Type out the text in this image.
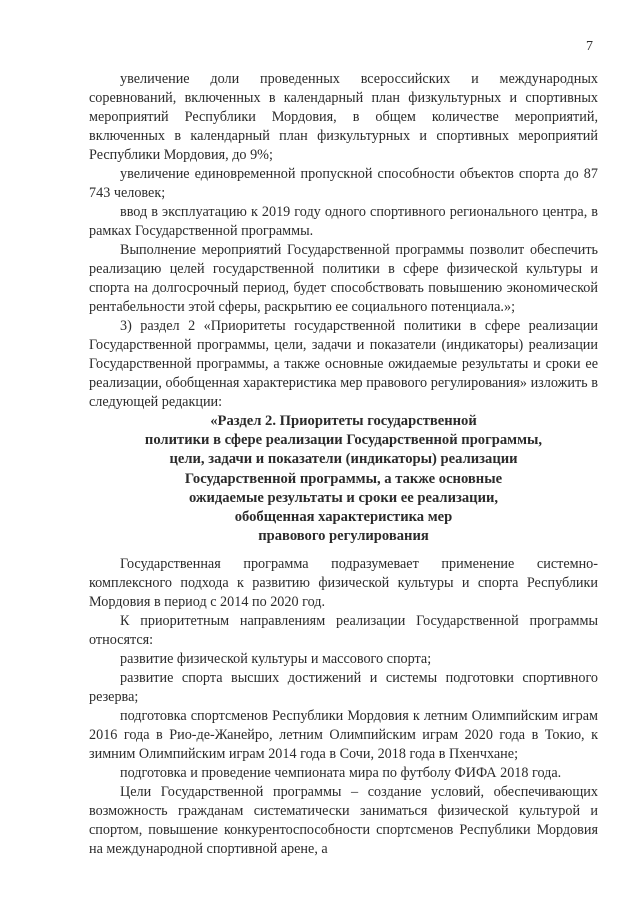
7

увеличение доли проведенных всероссийских и международных соревнований, включенных в календарный план физкультурных и спортивных мероприятий Республики Мордовия, в общем количестве мероприятий, включенных в календарный план физкультурных и спортивных мероприятий Республики Мордовия, до 9%;

увеличение единовременной пропускной способности объектов спорта до 87 743 человек;

ввод в эксплуатацию к 2019 году одного спортивного регионального центра, в рамках Государственной программы.

Выполнение мероприятий Государственной программы позволит обеспечить реализацию целей государственной политики в сфере физической культуры и спорта на долгосрочный период, будет способствовать повышению экономической рентабельности этой сферы, раскрытию ее социального потенциала.»;

3) раздел 2 «Приоритеты государственной политики в сфере реализации Государственной программы, цели, задачи и показатели (индикаторы) реализации Государственной программы, а также основные ожидаемые результаты и сроки ее реализации, обобщенная характеристика мер правового регулирования» изложить в следующей редакции:

«Раздел 2. Приоритеты государственной
политики в сфере реализации Государственной программы,
цели, задачи и показатели (индикаторы) реализации
Государственной программы, а также основные
ожидаемые результаты и сроки ее реализации,
обобщенная характеристика мер
правового регулирования

Государственная программа подразумевает применение системно-комплексного подхода к развитию физической культуры и спорта Республики Мордовия в период с 2014 по 2020 год.

К приоритетным направлениям реализации Государственной программы относятся:

развитие физической культуры и массового спорта;

развитие спорта высших достижений и системы подготовки спортивного резерва;

подготовка спортсменов Республики Мордовия к летним Олимпийским играм 2016 года в Рио-де-Жанейро, летним Олимпийским играм 2020 года в Токио, к зимним Олимпийским играм 2014 года в Сочи, 2018 года в Пхенчхане;

подготовка и проведение чемпионата мира по футболу ФИФА 2018 года.

Цели Государственной программы – создание условий, обеспечивающих возможность гражданам систематически заниматься физической культурой и спортом, повышение конкурентоспособности спортсменов Республики Мордовия на международной спортивной арене, а
